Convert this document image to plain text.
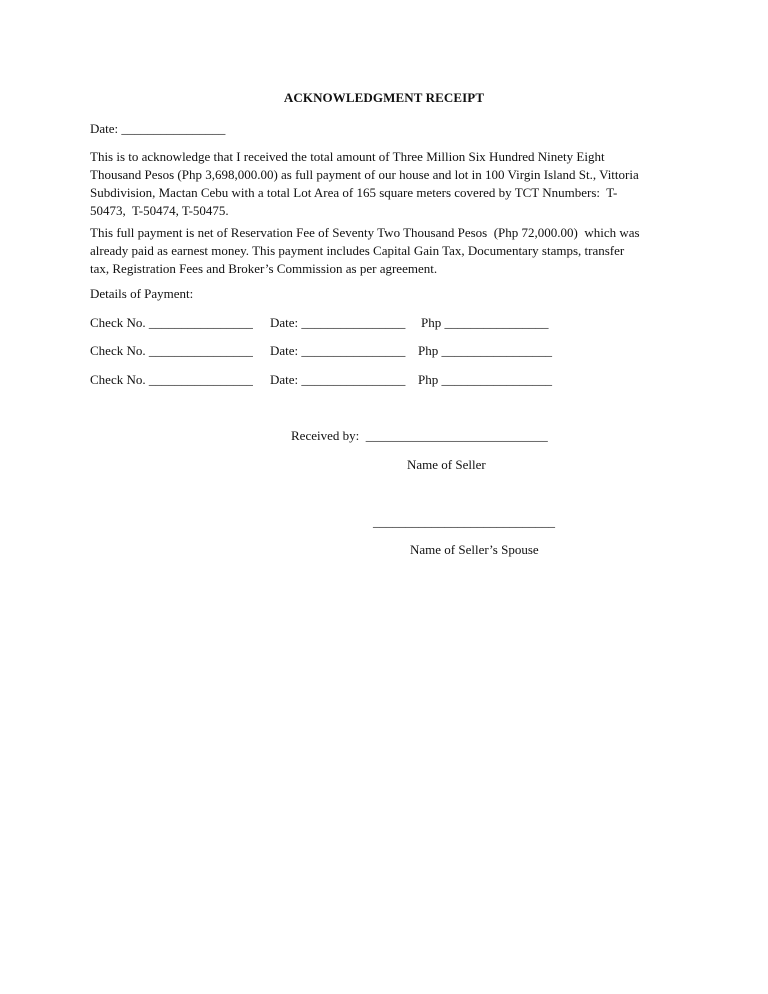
ACKNOWLEDGMENT RECEIPT
Date: ________________
This is to acknowledge that I received the total amount of Three Million Six Hundred Ninety Eight
Thousand Pesos (Php 3,698,000.00) as full payment of our house and lot in 100 Virgin Island St., Vittoria
Subdivision, Mactan Cebu with a total Lot Area of 165 square meters covered by TCT Nnumbers:  T-
50473,  T-50474, T-50475.
This full payment is net of Reservation Fee of Seventy Two Thousand Pesos  (Php 72,000.00)  which was
already paid as earnest money. This payment includes Capital Gain Tax, Documentary stamps, transfer
tax, Registration Fees and Broker’s Commission as per agreement.
Details of Payment:
Check No. ________________ Date: ________________ Php ________________
Check No. ________________ Date: ________________ Php _________________
Check No. ________________ Date: ________________ Php _________________
Received by:  ____________________________
Name of Seller
____________________________
Name of Seller’s Spouse
